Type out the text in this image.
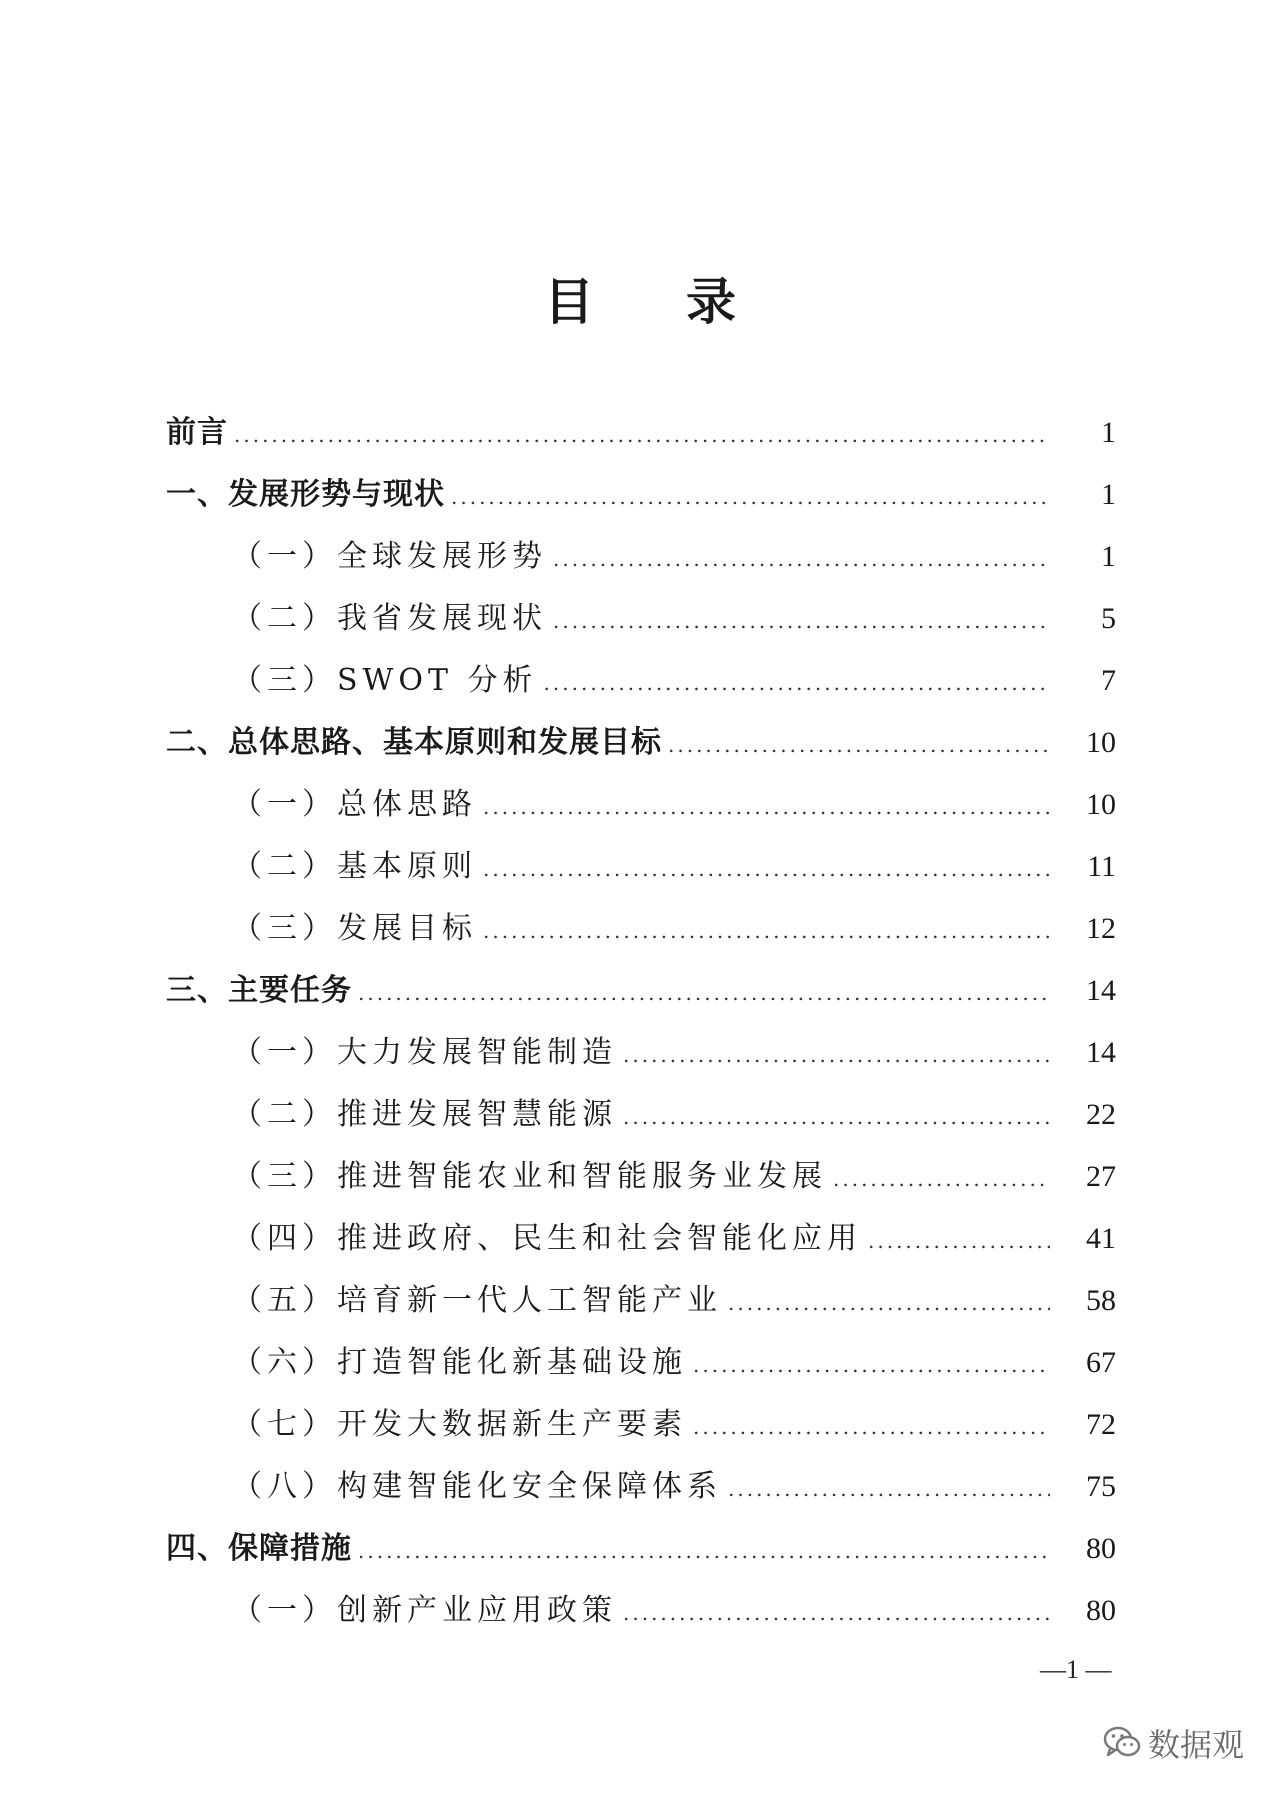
目 录
前言 .....	1
一、发展形势与现状 .....	1
（一）全球发展形势 .....	1
（二）我省发展现状 .....	5
（三）SWOT 分析 .....	7
二、总体思路、基本原则和发展目标 .....	10
（一）总体思路 .....	10
（二）基本原则 .....	11
（三）发展目标 .....	12
三、主要任务 .....	14
（一）大力发展智能制造 .....	14
（二）推进发展智慧能源 .....	22
（三）推进智能农业和智能服务业发展 .....	27
（四）推进政府、民生和社会智能化应用 .....	41
（五）培育新一代人工智能产业 .....	58
（六）打造智能化新基础设施 .....	67
（七）开发大数据新生产要素 .....	72
（八）构建智能化安全保障体系 .....	75
四、保障措施 .....	80
（一）创新产业应用政策 .....	80
—1 —
数据观
